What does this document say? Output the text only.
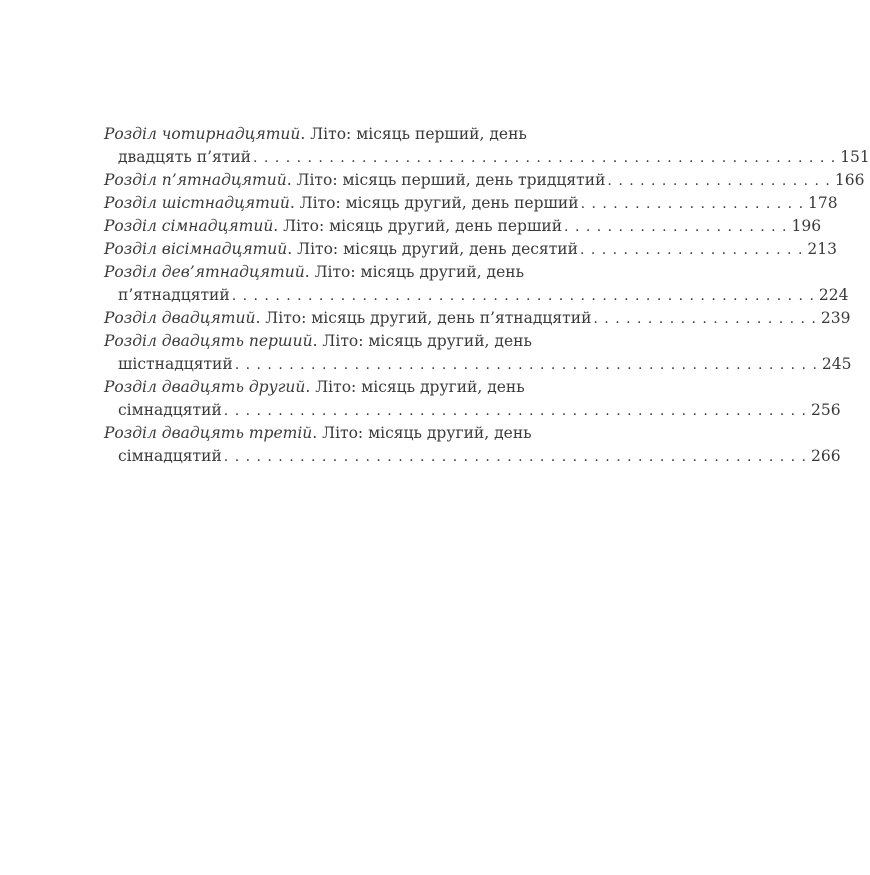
Розділ чотирнадцятий . Літо: місяць перший, день
двадцять п’ятий . . . . . . . . . . . . . . . . . . . . . . . . . . . . . . . . . . . . . . . . . . . . . . . . . . . . . . 151
Розділ п’ятнадцятий . Літо: місяць перший, день тридцятий . . . . . . . . . . . . . . . . . . . . . 166
Розділ шістнадцятий . Літо: місяць другий, день перший . . . . . . . . . . . . . . . . . . . . . 178
Розділ сімнадцятий . Літо: місяць другий, день перший . . . . . . . . . . . . . . . . . . . . . 196
Розділ вісімнадцятий . Літо: місяць другий, день десятий . . . . . . . . . . . . . . . . . . . . . 213
Розділ дев’ятнадцятий . Літо: місяць другий, день
п’ятнадцятий . . . . . . . . . . . . . . . . . . . . . . . . . . . . . . . . . . . . . . . . . . . . . . . . . . . . . . 224
Розділ двадцятий . Літо: місяць другий, день п’ятнадцятий . . . . . . . . . . . . . . . . . . . . . 239
Розділ двадцять перший . Літо: місяць другий, день
шістнадцятий . . . . . . . . . . . . . . . . . . . . . . . . . . . . . . . . . . . . . . . . . . . . . . . . . . . . . . 245
Розділ двадцять другий . Літо: місяць другий, день
сімнадцятий . . . . . . . . . . . . . . . . . . . . . . . . . . . . . . . . . . . . . . . . . . . . . . . . . . . . . . 256
Розділ двадцять третій . Літо: місяць другий, день
сімнадцятий . . . . . . . . . . . . . . . . . . . . . . . . . . . . . . . . . . . . . . . . . . . . . . . . . . . . . . 266
